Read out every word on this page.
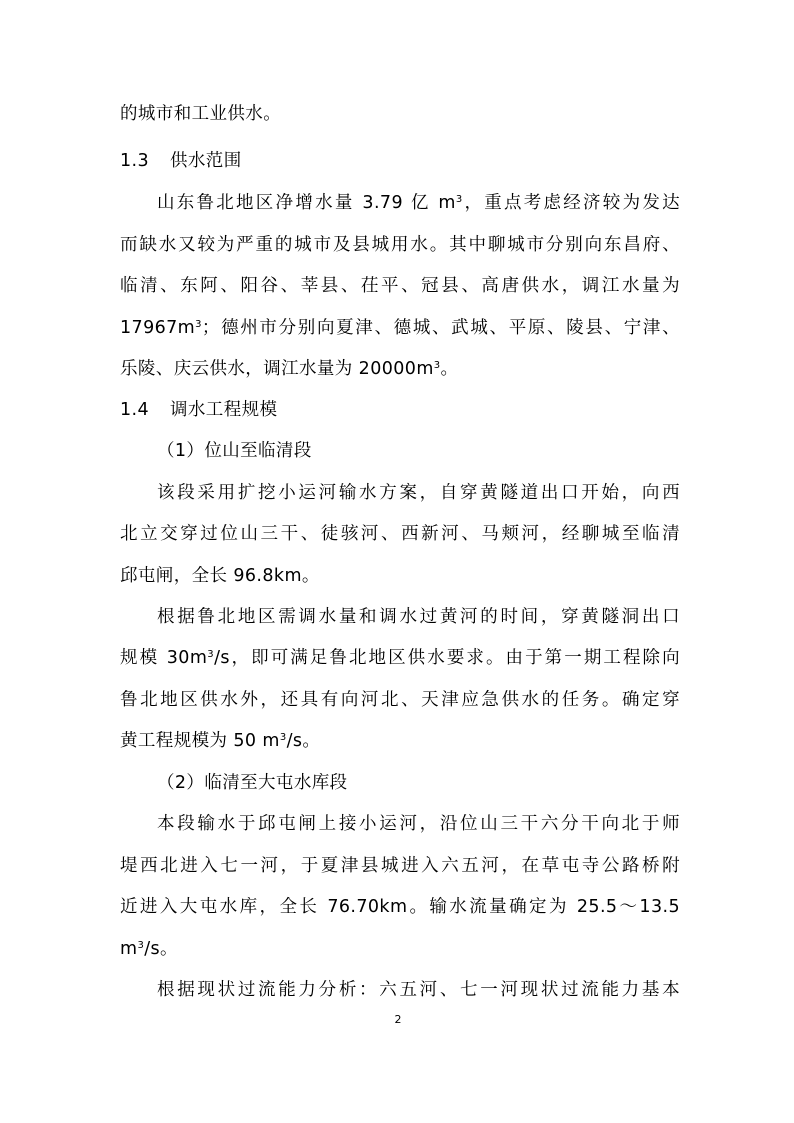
的城市和工业供水。
1.3 供水范围
山东鲁北地区净增水量 3.79 亿 $m^3$，重点考虑经济较为发达
而缺水又较为严重的城市及县城用水。其中聊城市分别向东昌府、
临清、东阿、阳谷、莘县、茌平、冠县、高唐供水，调江水量为
$17967m^3$；德州市分别向夏津、德城、武城、平原、陵县、宁津、
乐陵、庆云供水，调江水量为 $20000m^3$。
1.4 调水工程规模
（1）位山至临清段
该段采用扩挖小运河输水方案，自穿黄隧道出口开始，向西
北立交穿过位山三干、徒骇河、西新河、马颊河，经聊城至临清
邱屯闸，全长 96.8km。
根据鲁北地区需调水量和调水过黄河的时间，穿黄隧洞出口
规模 $30m^3/s$，即可满足鲁北地区供水要求。由于第一期工程除向
鲁北地区供水外，还具有向河北、天津应急供水的任务。确定穿
黄工程规模为 50 $m^3/s$。
（2）临清至大屯水库段
本段输水于邱屯闸上接小运河，沿位山三干六分干向北于师
堤西北进入七一河，于夏津县城进入六五河，在草屯寺公路桥附
近进入大屯水库，全长 76.70km。输水流量确定为 25.5～13.5
$m^3/s$。
根据现状过流能力分析：六五河、七一河现状过流能力基本
2
